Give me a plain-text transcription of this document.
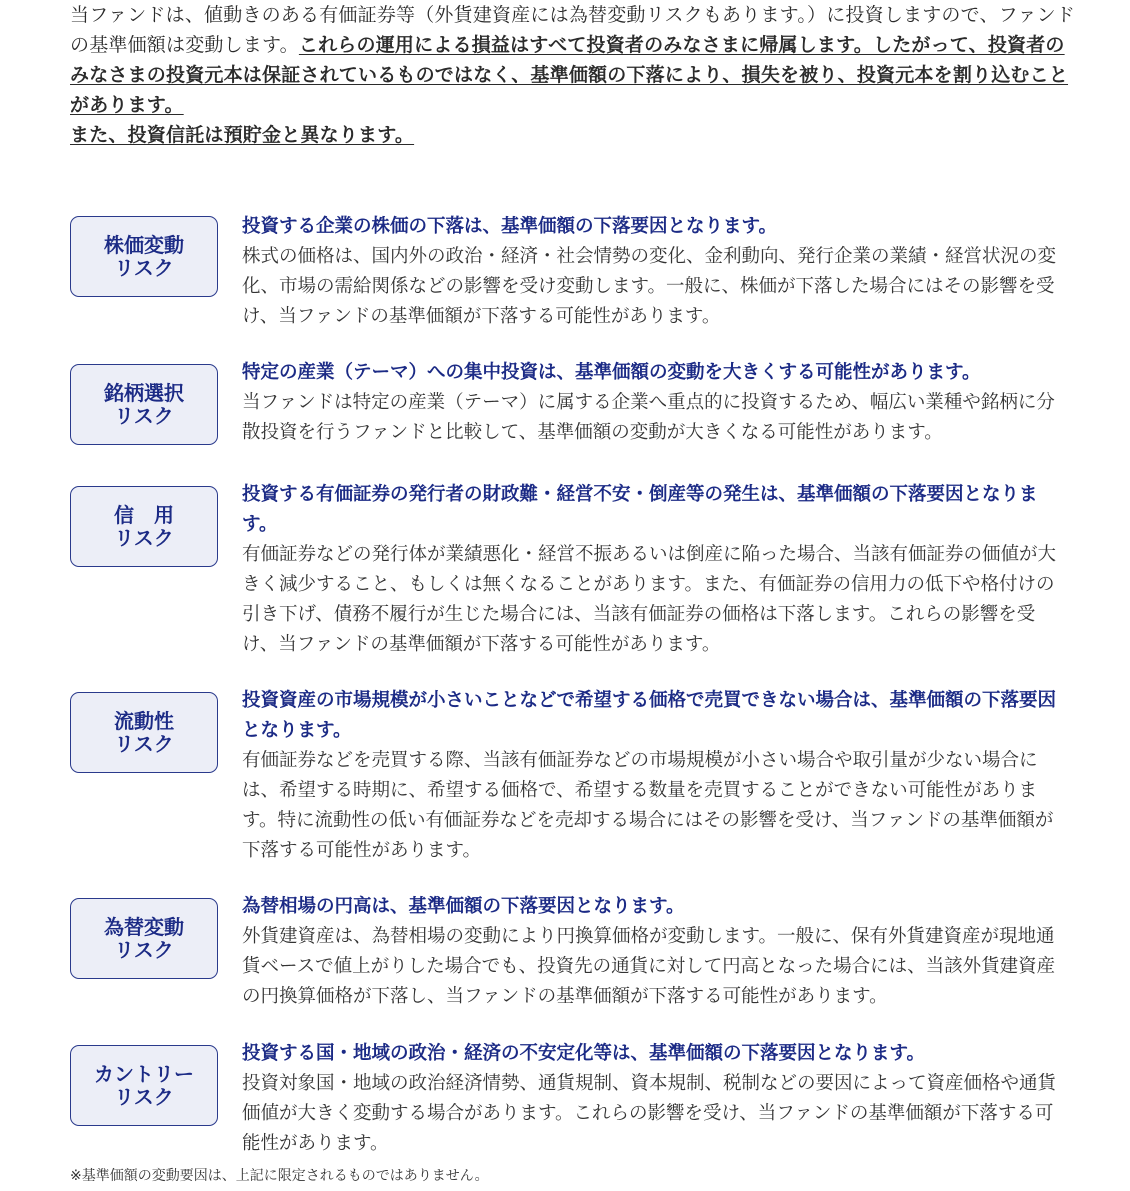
当ファンドは、値動きのある有価証券等（外貨建資産には為替変動リスクもあります。）に投資しますので、ファンドの基準価額は変動します。これらの運用による損益はすべて投資者のみなさまに帰属します。したがって、投資者のみなさまの投資元本は保証されているものではなく、基準価額の下落により、損失を被り、投資元本を割り込むことがあります。
また、投資信託は預貯金と異なります。
株価変動
リスク
投資する企業の株価の下落は、基準価額の下落要因となります。
株式の価格は、国内外の政治・経済・社会情勢の変化、金利動向、発行企業の業績・経営状況の変化、市場の需給関係などの影響を受け変動します。一般に、株価が下落した場合にはその影響を受け、当ファンドの基準価額が下落する可能性があります。
銘柄選択
リスク
特定の産業（テーマ）への集中投資は、基準価額の変動を大きくする可能性があります。
当ファンドは特定の産業（テーマ）に属する企業へ重点的に投資するため、幅広い業種や銘柄に分散投資を行うファンドと比較して、基準価額の変動が大きくなる可能性があります。
信　用
リスク
投資する有価証券の発行者の財政難・経営不安・倒産等の発生は、基準価額の下落要因となります。
有価証券などの発行体が業績悪化・経営不振あるいは倒産に陥った場合、当該有価証券の価値が大きく減少すること、もしくは無くなることがあります。また、有価証券の信用力の低下や格付けの引き下げ、債務不履行が生じた場合には、当該有価証券の価格は下落します。これらの影響を受け、当ファンドの基準価額が下落する可能性があります。
流動性
リスク
投資資産の市場規模が小さいことなどで希望する価格で売買できない場合は、基準価額の下落要因となります。
有価証券などを売買する際、当該有価証券などの市場規模が小さい場合や取引量が少ない場合には、希望する時期に、希望する価格で、希望する数量を売買することができない可能性があります。特に流動性の低い有価証券などを売却する場合にはその影響を受け、当ファンドの基準価額が下落する可能性があります。
為替変動
リスク
為替相場の円高は、基準価額の下落要因となります。
外貨建資産は、為替相場の変動により円換算価格が変動します。一般に、保有外貨建資産が現地通貨ベースで値上がりした場合でも、投資先の通貨に対して円高となった場合には、当該外貨建資産の円換算価格が下落し、当ファンドの基準価額が下落する可能性があります。
カントリー
リスク
投資する国・地域の政治・経済の不安定化等は、基準価額の下落要因となります。
投資対象国・地域の政治経済情勢、通貨規制、資本規制、税制などの要因によって資産価格や通貨価値が大きく変動する場合があります。これらの影響を受け、当ファンドの基準価額が下落する可能性があります。
※基準価額の変動要因は、上記に限定されるものではありません。
